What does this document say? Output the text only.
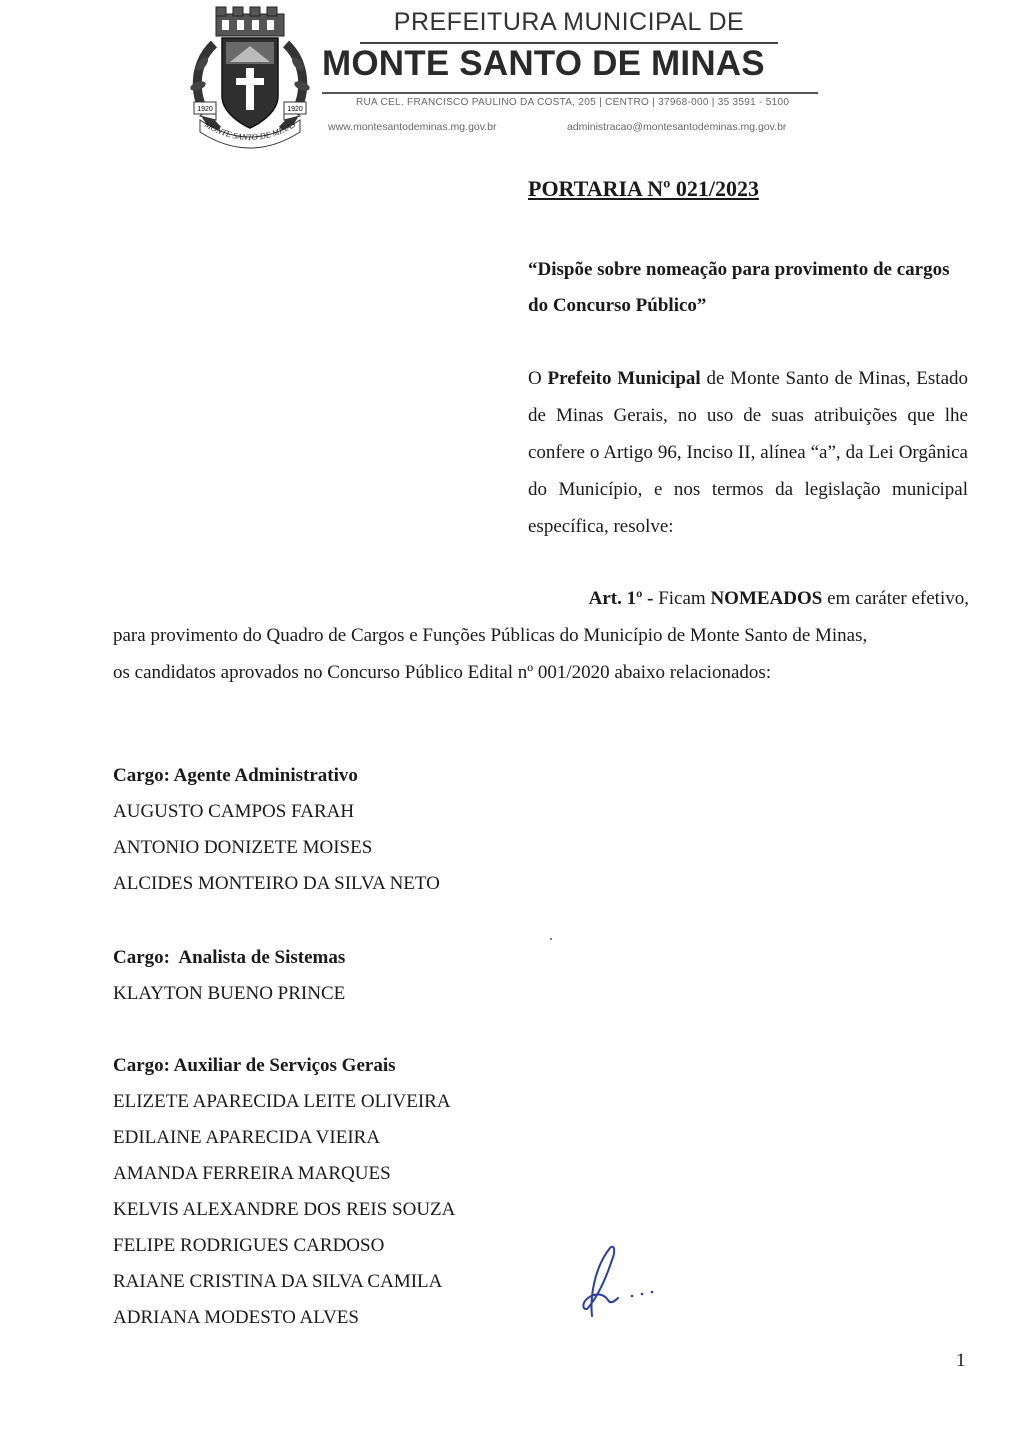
1920	1920
MONTE SANTO DE MINAS
PREFEITURA MUNICIPAL DE
MONTE SANTO DE MINAS
RUA CEL. FRANCISCO PAULINO DA COSTA, 205 | CENTRO | 37968-000 | 35 3591 - 5100
www.montesantodeminas.mg.gov.br	administracao@montesantodeminas.mg.gov.br
PORTARIA Nº 021/2023
“Dispõe sobre nomeação para provimento de cargos do Concurso Público”
O Prefeito Municipal de Monte Santo de Minas, Estado de Minas Gerais, no uso de suas atribuições que lhe confere o Artigo 96, Inciso II, alínea “a”, da Lei Orgânica do Município, e nos termos da legislação municipal específica, resolve:
Art. 1º - Ficam NOMEADOS em caráter efetivo,
para provimento do Quadro de Cargos e Funções Públicas do Município de Monte Santo de Minas,
os candidatos aprovados no Concurso Público Edital nº 001/2020 abaixo relacionados:
Cargo: Agente Administrativo
AUGUSTO CAMPOS FARAH
ANTONIO DONIZETE MOISES
ALCIDES MONTEIRO DA SILVA NETO
Cargo:  Analista de Sistemas
KLAYTON BUENO PRINCE
Cargo: Auxiliar de Serviços Gerais
ELIZETE APARECIDA LEITE OLIVEIRA
EDILAINE APARECIDA VIEIRA
AMANDA FERREIRA MARQUES
KELVIS ALEXANDRE DOS REIS SOUZA
FELIPE RODRIGUES CARDOSO
RAIANE CRISTINA DA SILVA CAMILA
ADRIANA MODESTO ALVES
1
